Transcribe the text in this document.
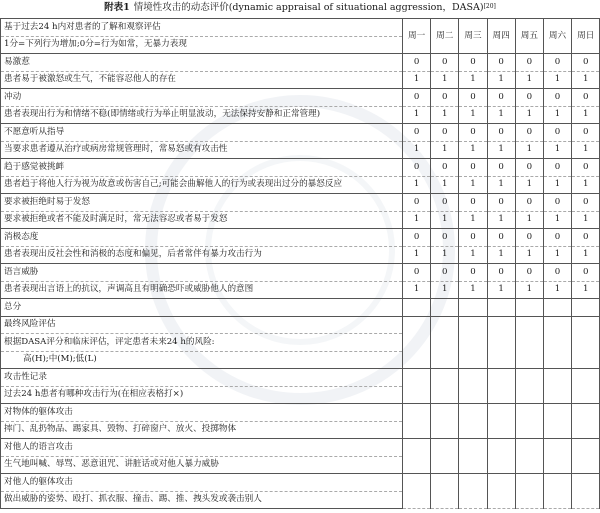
附表1 情境性攻击的动态评价(dynamic appraisal of situational aggression，DASA)[20]
基于过去24 h内对患者的了解和观察评估	周一	周二	周三	周四	周五	周六	周日
1分=下列行为增加;0分=行为如常，无暴力表现							
易激惹	0	0	0	0	0	0	0
患者易于被激怒或生气，不能容忍他人的存在	1	1	1	1	1	1	1
冲动	0	0	0	0	0	0	0
患者表现出行为和情绪不稳(即情绪或行为举止明显波动，无法保持安静和正常管理)	1	1	1	1	1	1	1
不愿意听从指导	0	0	0	0	0	0	0
当要求患者遵从治疗或病房常规管理时，常易怒或有攻击性	1	1	1	1	1	1	1
趋于感觉被挑衅	0	0	0	0	0	0	0
患者趋于将他人行为视为故意或伤害自己;可能会曲解他人的行为或表现出过分的暴怒反应	1	1	1	1	1	1	1
要求被拒绝时易于发怒	0	0	0	0	0	0	0
要求被拒绝或者不能及时满足时，常无法容忍或者易于发怒	1	1	1	1	1	1	1
消极态度	0	0	0	0	0	0	0
患者表现出反社会性和消极的态度和偏见，后者常伴有暴力攻击行为	1	1	1	1	1	1	1
语言威胁	0	0	0	0	0	0	0
患者表现出言语上的抗议，声调高且有明确恐吓或威胁他人的意图	1	1	1	1	1	1	1
总分							
最终风险评估							
根据DASA评分和临床评估，评定患者未来24 h的风险:							
高(H);中(M);低(L)							
攻击性记录							
过去24 h患者有哪种攻击行为(在相应表格打×)							
对物体的躯体攻击							
摔门、乱扔物品、踢家具、毁物、打碎窗户、放火、投掷物体							
对他人的语言攻击							
生气地叫喊、辱骂、恶意诅咒、讲脏话或对他人暴力威胁							
对他人的躯体攻击							
做出威胁的姿势、殴打、抓衣服、撞击、踢、推、拽头发或袭击别人							
